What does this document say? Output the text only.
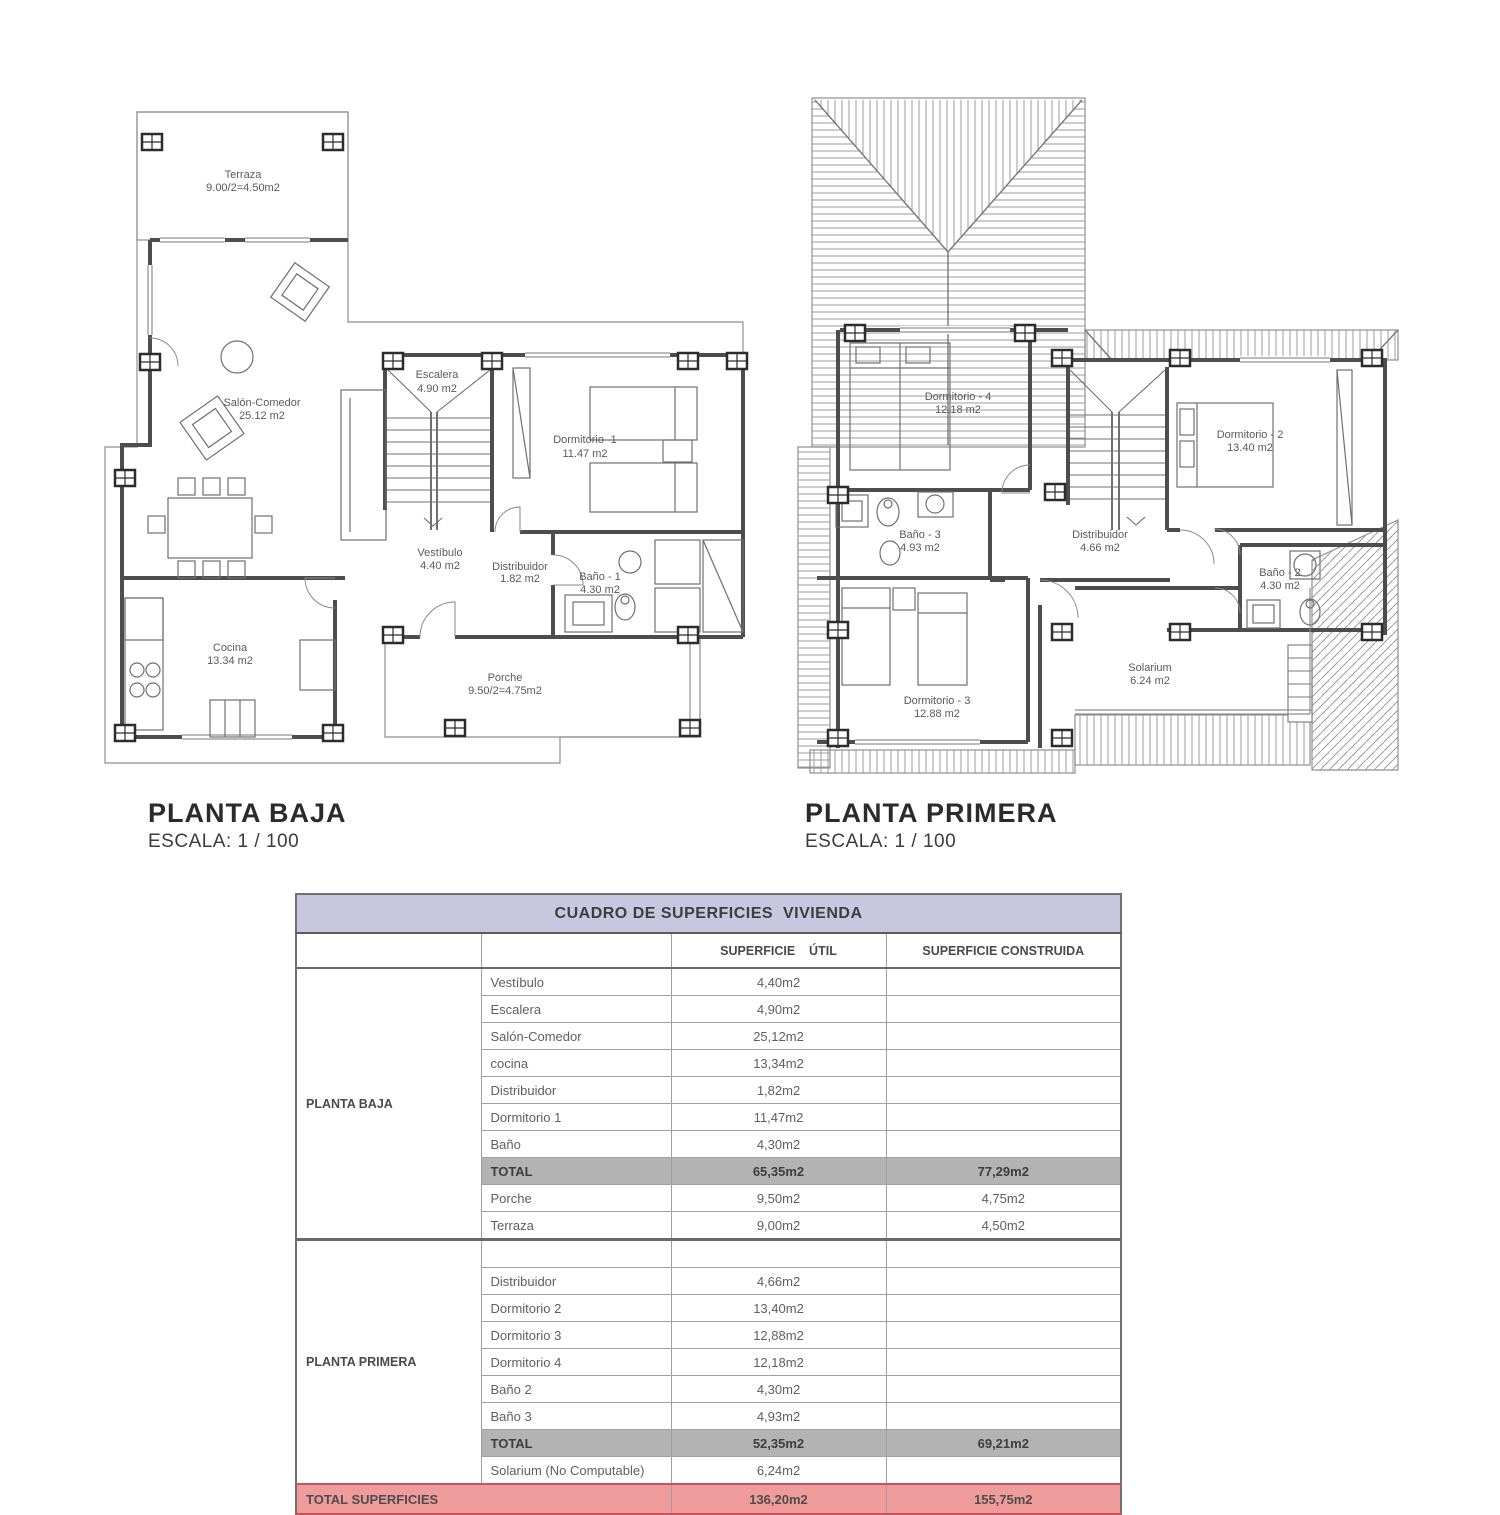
Terraza
9.00/2=4.50m2
Salón-Comedor
25.12 m2
Escalera
4.90 m2
Dormitorio -1
11.47 m2
Vestíbulo
4.40 m2	Distribuidor
1.82 m2	Baño - 1
4.30 m2
Cocina
13.34 m2
Porche
9.50/2=4.75m2
Dormitorio - 4
12.18 m2
Dormitorio - 2
13.40 m2
Baño - 3
4.93 m2
Distribuidor
4.66 m2
Baño - 2
4.30 m2
Dormitorio - 3
12.88 m2
Solarium
6.24 m2
PLANTA BAJA
ESCALA: 1 / 100
PLANTA PRIMERA
ESCALA: 1 / 100
CUADRO DE SUPERFICIES  VIVIENDA			
		SUPERFICIE    ÚTIL	SUPERFICIE CONSTRUIDA
PLANTA BAJA	Vestíbulo	4,40m2	
	Escalera	4,90m2	
	Salón-Comedor	25,12m2	
	cocina	13,34m2	
	Distribuidor	1,82m2	
	Dormitorio 1	11,47m2	
	Baño	4,30m2	
	TOTAL	65,35m2	77,29m2
	Porche	9,50m2	4,75m2
	Terraza	9,00m2	4,50m2
PLANTA PRIMERA			
	Distribuidor	4,66m2	
	Dormitorio 2	13,40m2	
	Dormitorio 3	12,88m2	
	Dormitorio 4	12,18m2	
	Baño 2	4,30m2	
	Baño 3	4,93m2	
	TOTAL	52,35m2	69,21m2
	Solarium (No Computable)	6,24m2	
TOTAL SUPERFICIES		136,20m2	155,75m2
